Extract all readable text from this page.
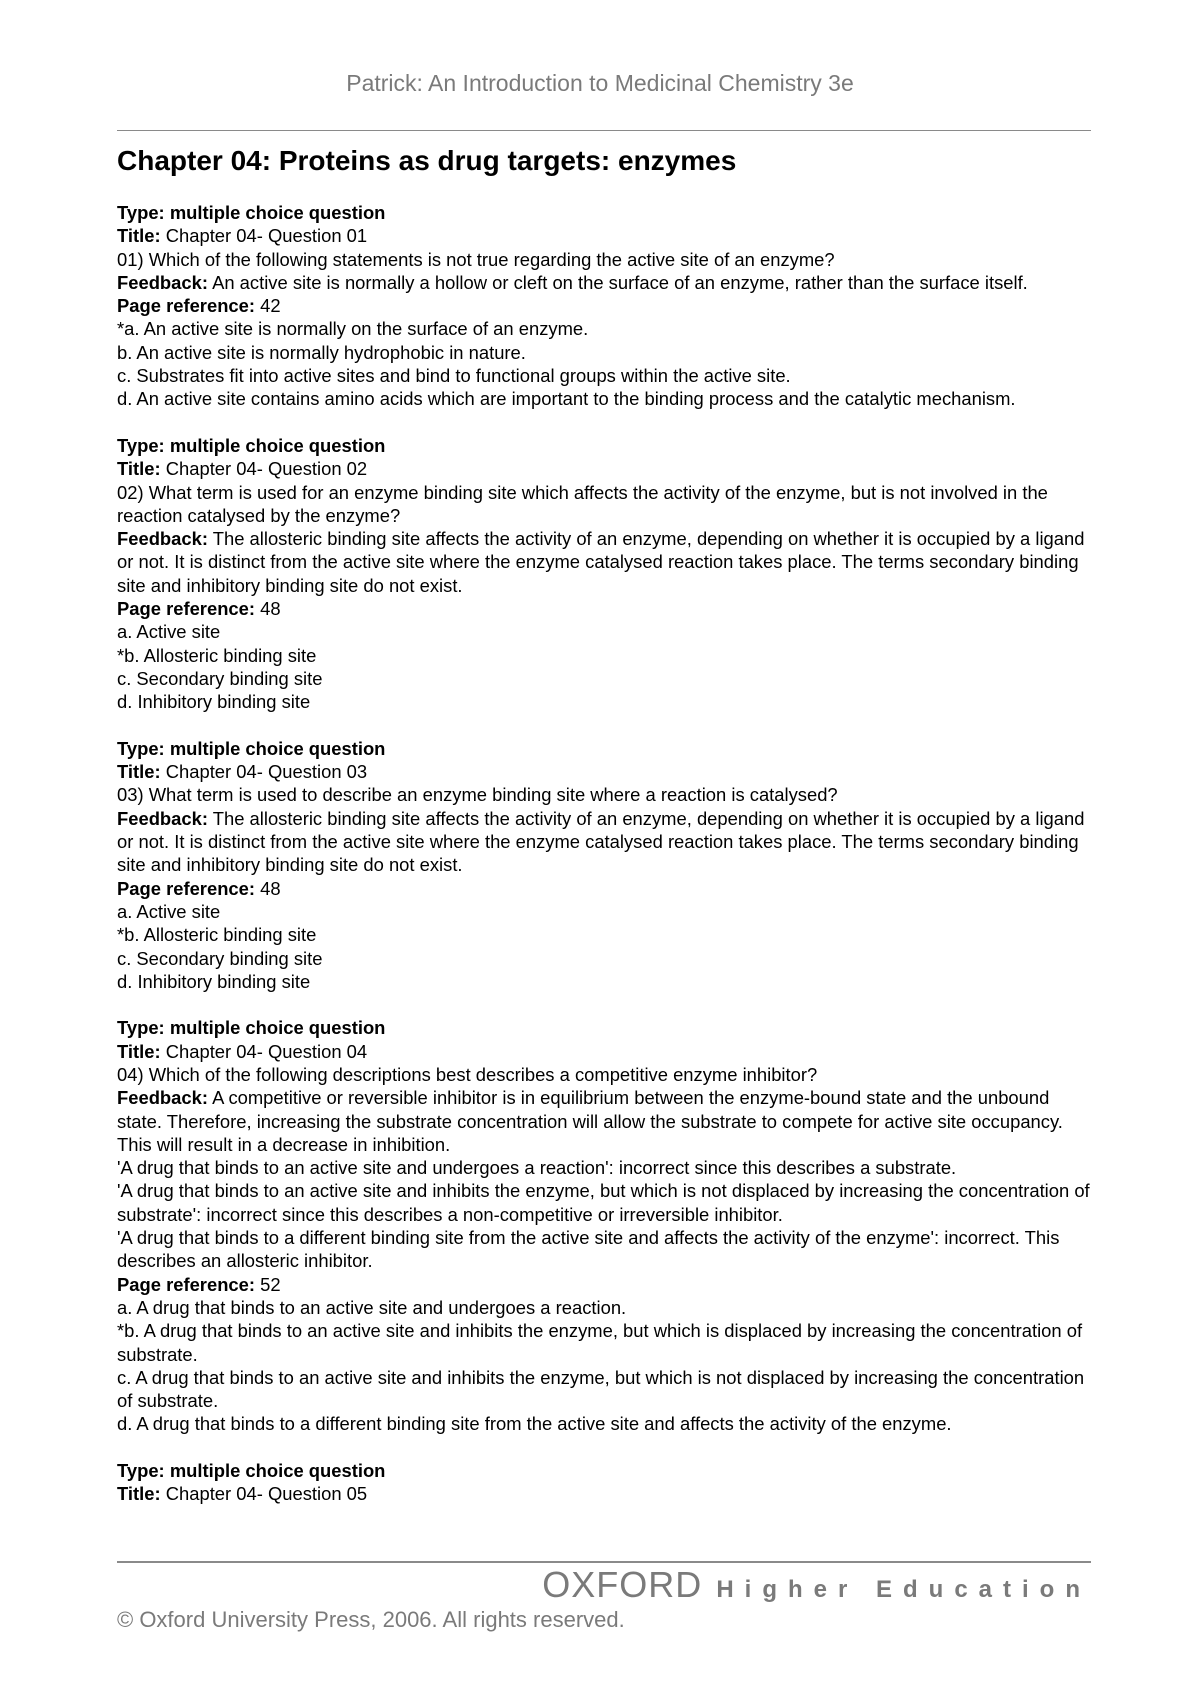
Patrick: An Introduction to Medicinal Chemistry 3e
Chapter 04: Proteins as drug targets: enzymes

Type: multiple choice question

Title: Chapter 04- Question 01

01) Which of the following statements is not true regarding the active site of an enzyme?

Feedback: An active site is normally a hollow or cleft on the surface of an enzyme, rather than the surface itself.

Page reference: 42

*a. An active site is normally on the surface of an enzyme.

b. An active site is normally hydrophobic in nature.

c. Substrates fit into active sites and bind to functional groups within the active site.

d. An active site contains amino acids which are important to the binding process and the catalytic mechanism.

Type: multiple choice question

Title: Chapter 04- Question 02

02) What term is used for an enzyme binding site which affects the activity of the enzyme, but is not involved in the reaction catalysed by the enzyme?

Feedback: The allosteric binding site affects the activity of an enzyme, depending on whether it is occupied by a ligand or not. It is distinct from the active site where the enzyme catalysed reaction takes place. The terms secondary binding site and inhibitory binding site do not exist.

Page reference: 48

a. Active site

*b. Allosteric binding site

c. Secondary binding site

d. Inhibitory binding site

Type: multiple choice question

Title: Chapter 04- Question 03

03) What term is used to describe an enzyme binding site where a reaction is catalysed?

Feedback: The allosteric binding site affects the activity of an enzyme, depending on whether it is occupied by a ligand or not. It is distinct from the active site where the enzyme catalysed reaction takes place. The terms secondary binding site and inhibitory binding site do not exist.

Page reference: 48

a. Active site

*b. Allosteric binding site

c. Secondary binding site

d. Inhibitory binding site

Type: multiple choice question

Title: Chapter 04- Question 04

04) Which of the following descriptions best describes a competitive enzyme inhibitor?

Feedback: A competitive or reversible inhibitor is in equilibrium between the enzyme-bound state and the unbound state. Therefore, increasing the substrate concentration will allow the substrate to compete for active site occupancy. This will result in a decrease in inhibition.

'A drug that binds to an active site and undergoes a reaction': incorrect since this describes a substrate.

'A drug that binds to an active site and inhibits the enzyme, but which is not displaced by increasing the concentration of substrate': incorrect since this describes a non-competitive or irreversible inhibitor.

'A drug that binds to a different binding site from the active site and affects the activity of the enzyme': incorrect. This describes an allosteric inhibitor.

Page reference: 52

a. A drug that binds to an active site and undergoes a reaction.

*b. A drug that binds to an active site and inhibits the enzyme, but which is displaced by increasing the concentration of substrate.

c. A drug that binds to an active site and inhibits the enzyme, but which is not displaced by increasing the concentration of substrate.

d. A drug that binds to a different binding site from the active site and affects the activity of the enzyme.

Type: multiple choice question

Title: Chapter 04- Question 05

OXFORD Higher Education
© Oxford University Press, 2006. All rights reserved.
